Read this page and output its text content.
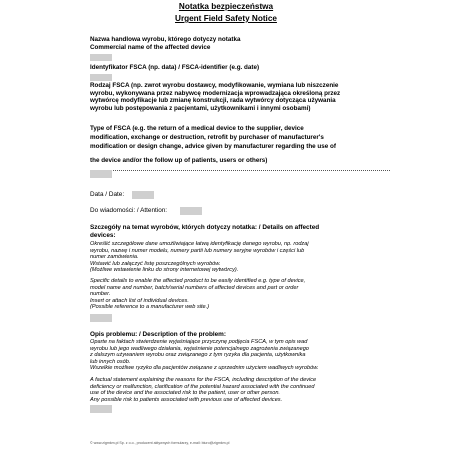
Notatka bezpieczeństwa
Urgent Field Safety Notice
Nazwa handlowa wyrobu, którego dotyczy notatka
Commercial name of the affected device
Identyfikator FSCA (np. data) / FSCA-identifier (e.g. date)
Rodzaj FSCA (np. zwrot wyrobu dostawcy, modyfikowanie, wymiana lub niszczenie
wyrobu, wykonywana przez nabywcę modernizacja wprowadzająca określoną przez
wytwórcę modyfikacje lub zmianę konstrukcji, rada wytwórcy dotycząca używania
wyrobu lub postępowania z pacjentami, użytkownikami i innymi osobami)
Type of FSCA (e.g. the return of a medical device to the supplier, device
modification, exchange or destruction, retrofit by purchaser of manufacturer's
modification or design change, advice given by manufacturer regarding the use of
the device and/or the follow up of patients, users or others)
Data / Date:
Do wiadomości: / Attention:
Szczegóły na temat wyrobów, których dotyczy notatka: / Details on affected
devices:
Określić szczegółowe dane umożliwiające łatwą identyfikację danego wyrobu, np. rodzaj
wyrobu, nazwę i numer modelu, numery partii lub numery seryjne wyrobów i części lub
numer zamówienia.
Wstawić lub załączyć listę poszczególnych wyrobów.
(Możliwe wstawienie linku do strony internetowej wytwórcy).
Specific details to enable the affected product to be easily identified e.g. type of device,
model name and number, batch/serial numbers of affected devices and part or order
number.
Insert or attach list of individual devices.
(Possible reference to a manufacturer web site.)
Opis problemu: / Description of the problem:
Oparte na faktach stwierdzenie wyjaśniające przyczynę podjęcia FSCA, w tym opis wad
wyrobu lub jego wadliwego działania, wyjaśnienie potencjalnego zagrożenia związanego
z dalszym używaniem wyrobu oraz związanego z tym ryzyka dla pacjenta, użytkownika
lub innych osób.
Wszelkie możliwe ryzyko dla pacjentów związane z uprzednim użyciem wadliwych wyrobów.
A factual statement explaining the reasons for the FSCA, including description of the device
deficiency or malfunction, clarification of the potential hazard associated with the continued
use of the device and the associated risk to the patient, user or other person.
Any possible risk to patients associated with previous use of affected devices.
© www.zigmkm.pl Sp. z o.o., producent aktywnych formularzy, e-mail: biuro@zigmkm.pl
